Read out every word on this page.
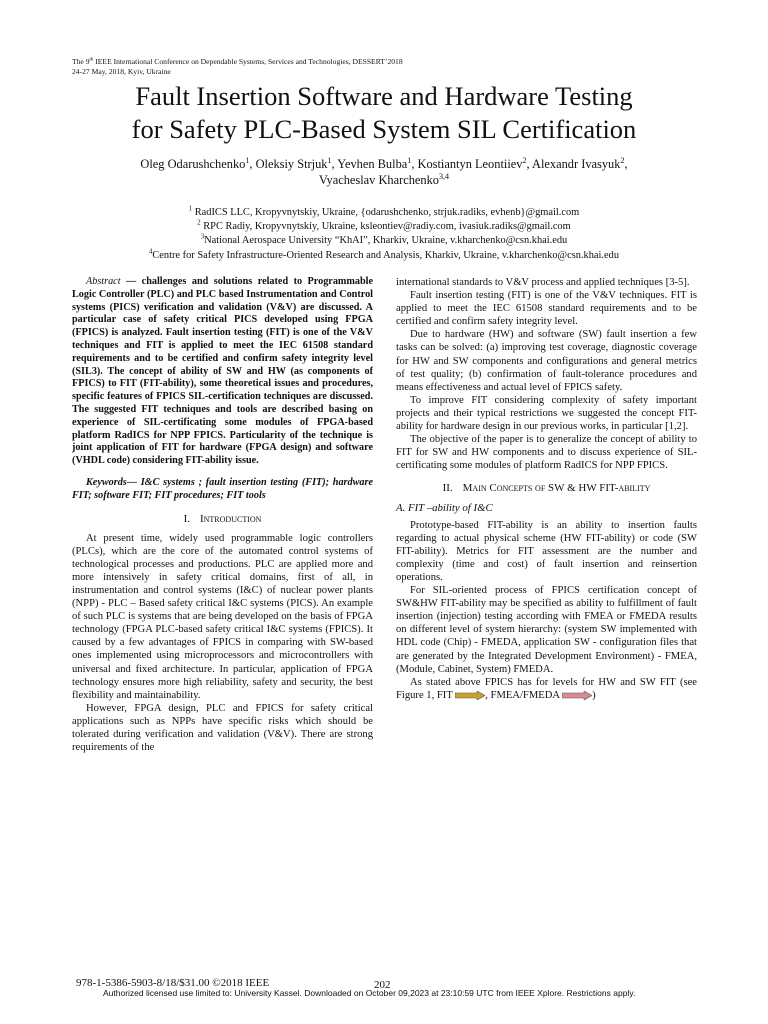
The 9th IEEE International Conference on Dependable Systems, Services and Technologies, DESSERT’2018
24-27 May, 2018, Kyiv, Ukraine
Fault Insertion Software and Hardware Testing
for Safety PLC-Based System SIL Certification
Oleg Odarushchenko$^1$, Oleksiy Strjuk$^1$, Yevhen Bulba$^1$, Kostiantyn Leontiiev$^2$, Alexandr Ivasyuk$^2$,
Vyacheslav Kharchenko$^{3,4}$
$^1$ RadICS LLC, Kropyvnytskiy, Ukraine, {odarushchenko, strjuk.radiks, evhenb}@gmail.com
$^2$ RPC Radiy, Kropyvnytskiy, Ukraine, ksleontiev@radiy.com, ivasiuk.radiks@gmail.com
$^3$National Aerospace University “KhAI”, Kharkiv, Ukraine, v.kharchenko@csn.khai.edu
$^4$Centre for Safety Infrastructure-Oriented Research and Analysis, Kharkiv, Ukraine, v.kharchenko@csn.khai.edu

Abstract — challenges and solutions related to Programmable Logic Controller (PLC) and PLC based Instrumentation and Control systems (PICS) verification and validation (V&V) are discussed. A particular case of safety critical PICS developed using FPGA (FPICS) is analyzed. Fault insertion testing (FIT) is one of the V&V techniques and FIT is applied to meet the IEC 61508 standard requirements and to be certified and confirm safety integrity level (SIL3). The concept of ability of SW and HW (as components of FPICS) to FIT (FIT-ability), some theoretical issues and procedures, specific features of FPICS SIL-certification techniques are discussed. The suggested FIT techniques and tools are described basing on experience of SIL-certificating some modules of FPGA-based platform RadICS for NPP FPICS. Particularity of the technique is joint application of FIT for hardware (FPGA design) and software (VHDL code) considering FIT-ability issue.

Keywords— I&C systems ; fault insertion testing (FIT); hardware FIT; software FIT; FIT procedures; FIT tools

I. Introduction

At present time, widely used programmable logic controllers (PLCs), which are the core of the automated control systems of technological processes and productions. PLC are applied more and more intensively in safety critical domains, first of all, in instrumentation and control systems (I&C) of nuclear power plants (NPP) - PLC – Based safety critical I&C systems (PICS). An example of such PLC is systems that are being developed on the basis of FPGA technology (FPGA PLC-based safety critical I&C systems (FPICS). It caused by a few advantages of FPICS in comparing with SW-based ones implemented using microprocessors and microcontrollers with universal and fixed architecture. In particular, application of FPGA technology ensures more high reliability, safety and security, the best flexibility and maintainability.

However, FPGA design, PLC and FPICS for safety critical applications such as NPPs have specific risks which should be tolerated during verification and validation (V&V). There are strong requirements of the

international standards to V&V process and applied techniques [3-5].

Fault insertion testing (FIT) is one of the V&V techniques. FIT is applied to meet the IEC 61508 standard requirements and to be certified and confirm safety integrity level.

Due to hardware (HW) and software (SW) fault insertion a few tasks can be solved: (a) improving test coverage, diagnostic coverage for HW and SW components and configurations and general metrics of test quality; (b) confirmation of fault-tolerance procedures and means effectiveness and actual level of FPICS safety.

To improve FIT considering complexity of safety important projects and their typical restrictions we suggested the concept FIT-ability for hardware design in our previous works, in particular [1,2].

The objective of the paper is to generalize the concept of ability to FIT for SW and HW components and to discuss experience of SIL-certificating some modules of platform RadICS for NPP FPICS.

II. Main Concepts of SW & HW FIT-ability
A. FIT –ability of I&C

Prototype-based FIT-ability is an ability to insertion faults regarding to actual physical scheme (HW FIT-ability) or code (SW FIT-ability). Metrics for FIT assessment are the number and complexity (time and cost) of fault insertion and reinsertion operations.

For SIL-oriented process of FPICS certification concept of SW&HW FIT-ability may be specified as ability to fulfillment of fault insertion (injection) testing according with FMEA or FMEDA results on different level of system hierarchy: (system SW implemented with HDL code (Chip) - FMEDA, application SW - configuration files that are generated by the Integrated Development Environment) - FMEA, (Module, Cabinet, System) FMEDA.

As stated above FPICS has for levels for HW and SW FIT (see Figure 1, FIT	, FMEA/FMEDA	)

978-1-5386-5903-8/18/$31.00 ©2018 IEEE	202
Authorized licensed use limited to: University Kassel. Downloaded on October 09,2023 at 23:10:59 UTC from IEEE Xplore. Restrictions apply.
